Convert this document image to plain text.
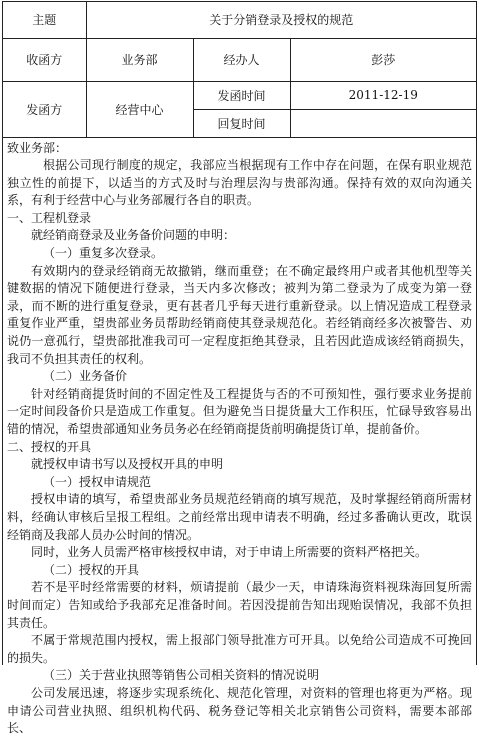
主题	关于分销登录及授权的规范		
收函方	业务部	经办人	彭莎
发函方	经营中心	发函时间	2011-12-19
		回复时间	

致业务部：

根据公司现行制度的规定，我部应当根据现有工作中存在问题，在保有职业规范独立性的前提下，以适当的方式及时与治理层沟与贵部沟通。保持有效的双向沟通关系，有利于经营中心与业务部履行各自的职责。

一、工程机登录

就经销商登录及业务备价问题的申明：

（一）重复多次登录。

有效期内的登录经销商无故撤销，继而重登；在不确定最终用户或者其他机型等关键数据的情况下随便进行登录，当天内多次修改；被判为第二登录为了成变为第一登录，而不断的进行重复登录，更有甚者几乎每天进行重新登录。以上情况造成工程登录重复作业严重，望贵部业务员帮助经销商使其登录规范化。若经销商经多次被警告、劝说仍一意孤行，望贵部批准我司可一定程度拒绝其登录，且若因此造成该经销商损失，我司不负担其责任的权利。

（二）业务备价

针对经销商提货时间的不固定性及工程提货与否的不可预知性，强行要求业务提前一定时间段备价只是造成工作重复。但为避免当日提货量大工作积压，忙碌导致容易出错的情况，希望贵部通知业务员务必在经销商提货前明确提货订单，提前备价。

二、授权的开具

就授权申请书写以及授权开具的申明

（一）授权申请规范

授权申请的填写，希望贵部业务员规范经销商的填写规范，及时掌握经销商所需材料，经确认审核后呈报工程组。之前经常出现申请表不明确，经过多番确认更改，耽误经销商及我部人员办公时间的情况。

同时，业务人员需严格审核授权申请，对于申请上所需要的资料严格把关。

（二）授权的开具

若不是平时经常需要的材料，烦请提前（最少一天，申请珠海资料视珠海回复所需时间而定）告知或给予我部充足准备时间。若因没提前告知出现贻误情况，我部不负担其责任。

不属于常规范围内授权，需上报部门领导批准方可开具。以免给公司造成不可挽回的损失。

（三）关于营业执照等销售公司相关资料的情况说明

公司发展迅速，将逐步实现系统化、规范化管理，对资料的管理也将更为严格。现申请公司营业执照、组织机构代码、税务登记等相关北京销售公司资料，需要本部部长、
